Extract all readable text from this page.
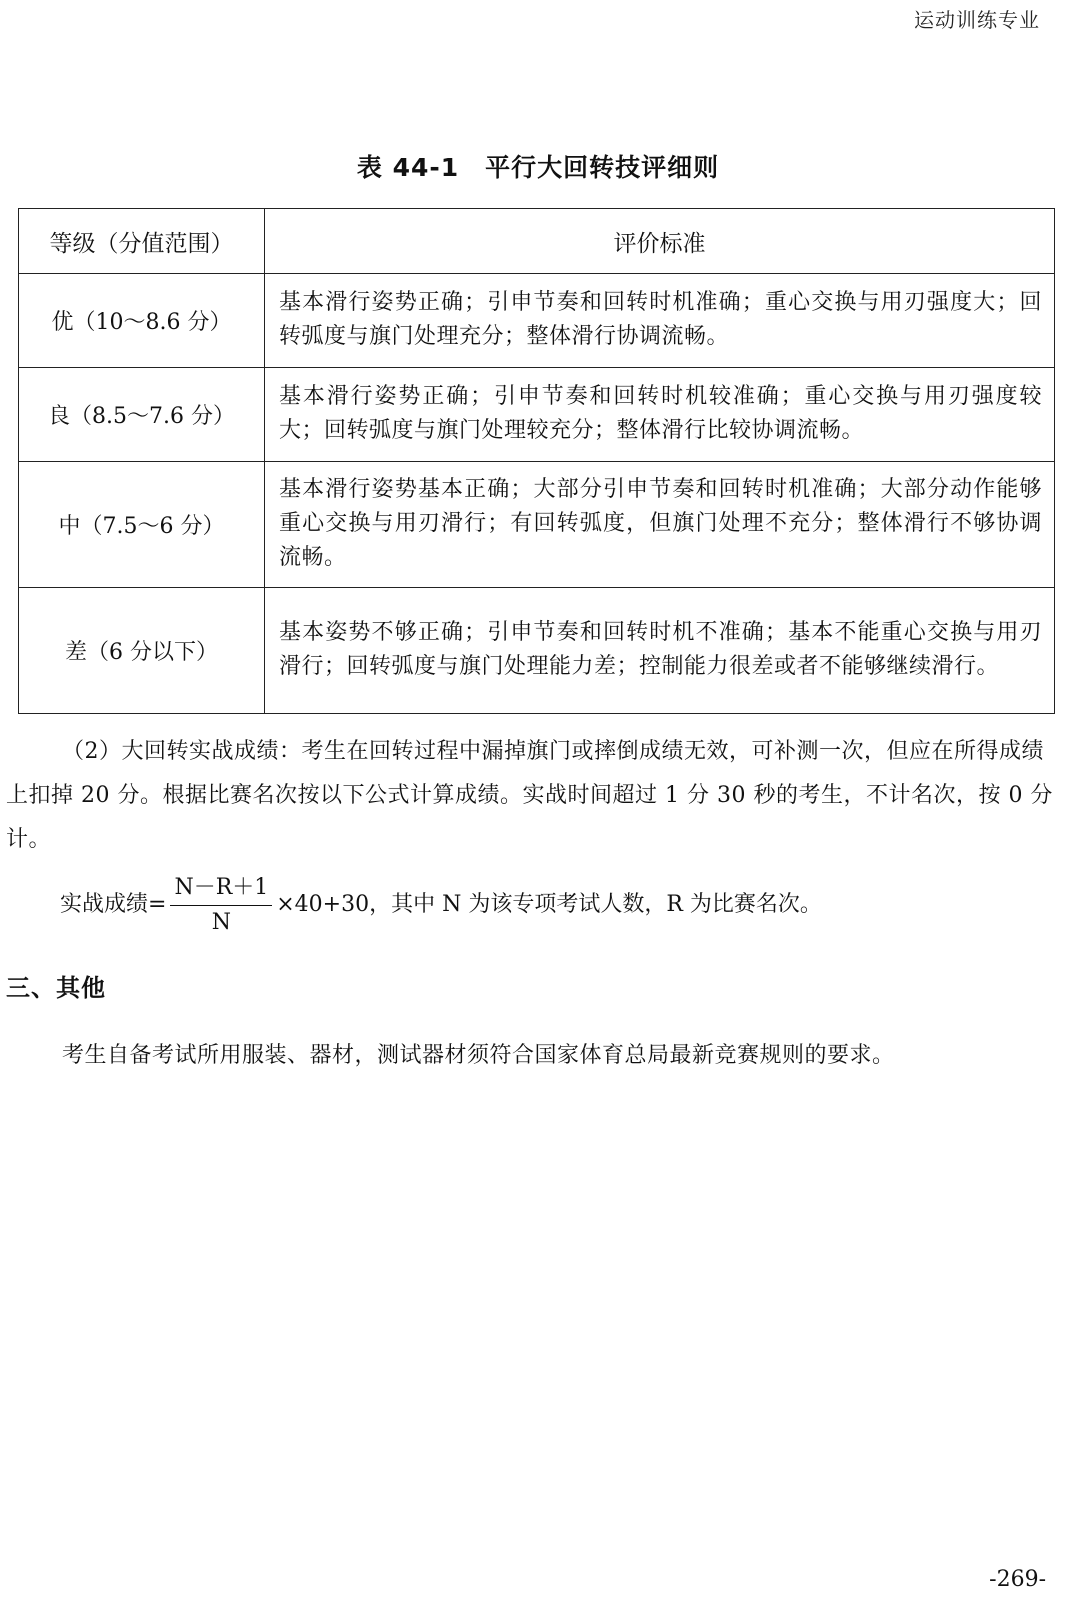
运动训练专业
表 44-1　平行大回转技评细则
等级（分值范围）	评价标准
优（10～8.6 分）	基本滑行姿势正确；引申节奏和回转时机准确；重心交换与用刃强度大；回转弧度与旗门处理充分；整体滑行协调流畅。
良（8.5～7.6 分）	基本滑行姿势正确；引申节奏和回转时机较准确；重心交换与用刃强度较大；回转弧度与旗门处理较充分；整体滑行比较协调流畅。
中（7.5～6 分）	基本滑行姿势基本正确；大部分引申节奏和回转时机准确；大部分动作能够重心交换与用刃滑行；有回转弧度，但旗门处理不充分；整体滑行不够协调流畅。
差（6 分以下）	基本姿势不够正确；引申节奏和回转时机不准确；基本不能重心交换与用刃滑行；回转弧度与旗门处理能力差；控制能力很差或者不能够继续滑行。
（2）大回转实战成绩：考生在回转过程中漏掉旗门或摔倒成绩无效，可补测一次，但应在所得成绩上扣掉 20 分。根据比赛名次按以下公式计算成绩。实战时间超过 1 分 30 秒的考生，不计名次，按 0 分计。
实战成绩= $\frac{N-R+1}{N} \times 40+30$，其中 N 为该专项考试人数，R 为比赛名次。
三、其他
考生自备考试所用服装、器材，测试器材须符合国家体育总局最新竞赛规则的要求。
-269-
